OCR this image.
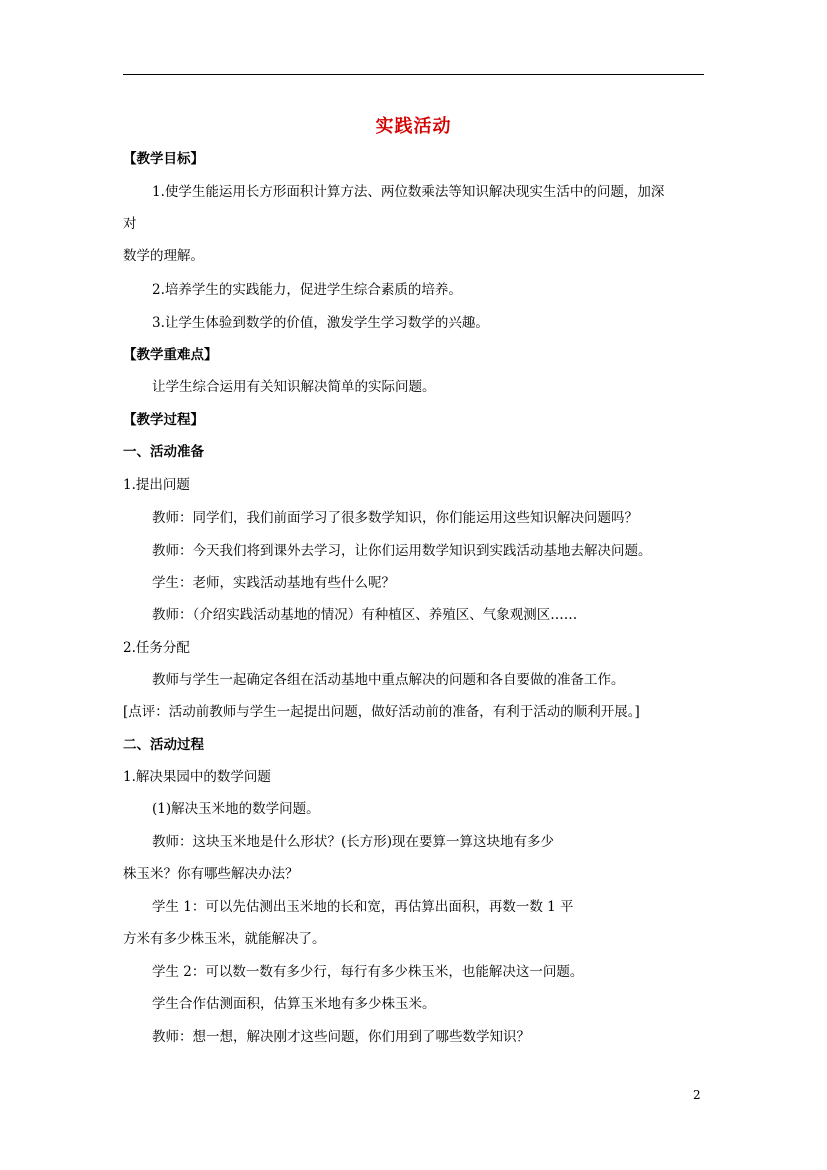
实践活动
【教学目标】
1.使学生能运用长方形面积计算方法、两位数乘法等知识解决现实生活中的问题，加深
对
数学的理解。
2.培养学生的实践能力，促进学生综合素质的培养。
3.让学生体验到数学的价值，激发学生学习数学的兴趣。
【教学重难点】
让学生综合运用有关知识解决简单的实际问题。
【教学过程】
一、活动准备
1.提出问题
教师：同学们，我们前面学习了很多数学知识，你们能运用这些知识解决问题吗？
教师：今天我们将到课外去学习，让你们运用数学知识到实践活动基地去解决问题。
学生：老师，实践活动基地有些什么呢？
教师：（介绍实践活动基地的情况）有种植区、养殖区、气象观测区……
2.任务分配
教师与学生一起确定各组在活动基地中重点解决的问题和各自要做的准备工作。
[点评：活动前教师与学生一起提出问题，做好活动前的准备，有利于活动的顺利开展。]
二、活动过程
1.解决果园中的数学问题
(1)解决玉米地的数学问题。
教师：这块玉米地是什么形状？(长方形)现在要算一算这块地有多少
株玉米？你有哪些解决办法？
学生 1：可以先估测出玉米地的长和宽，再估算出面积，再数一数 1 平
方米有多少株玉米，就能解决了。
学生 2：可以数一数有多少行，每行有多少株玉米，也能解决这一问题。
学生合作估测面积，估算玉米地有多少株玉米。
教师：想一想，解决刚才这些问题，你们用到了哪些数学知识？
2
